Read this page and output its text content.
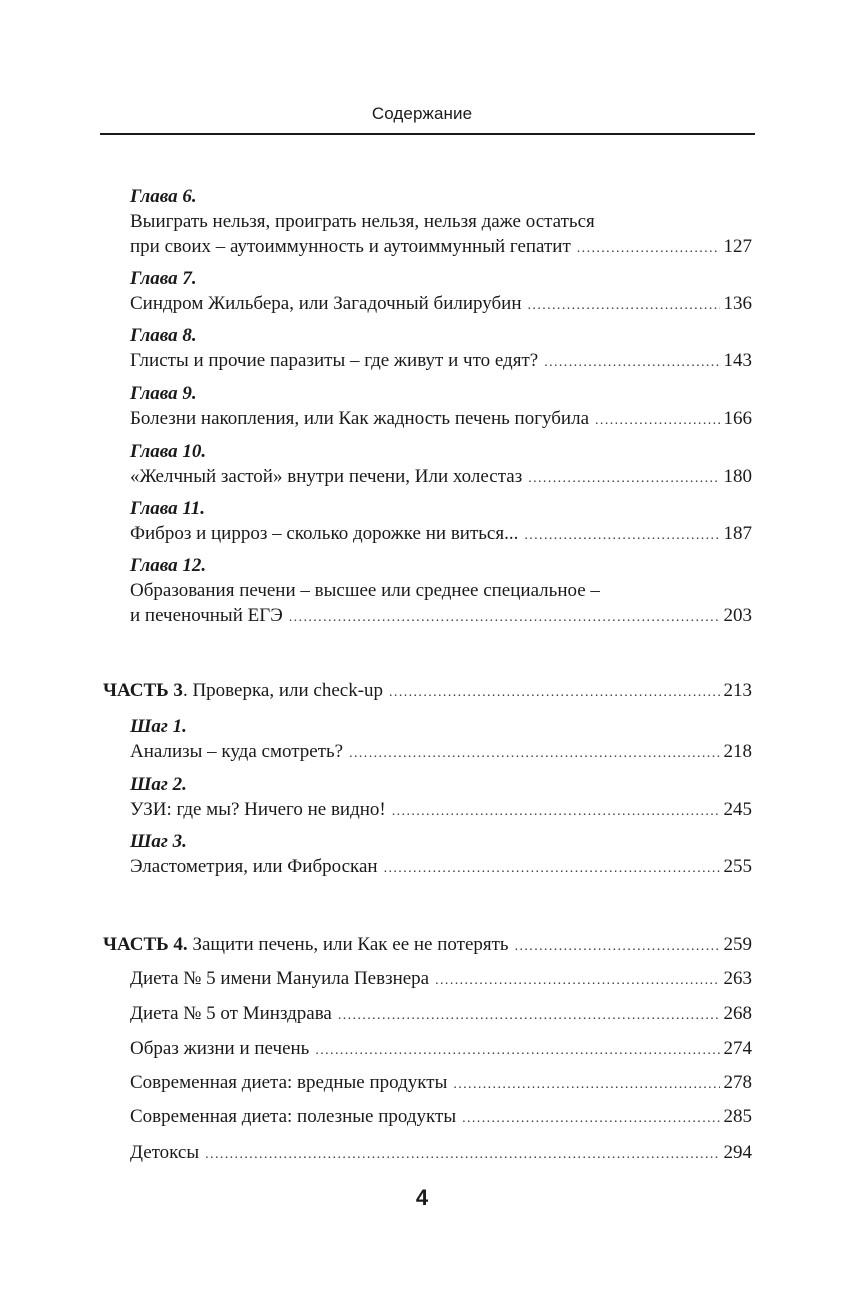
Содержание
Глава 6.
Выиграть нельзя, проиграть нельзя, нельзя даже остаться
при своих – аутоиммунность и аутоиммунный гепатит .....	127
Глава 7.
Синдром Жильбера, или Загадочный билирубин .....	136
Глава 8.
Глисты и прочие паразиты – где живут и что едят? .....	143
Глава 9.
Болезни накопления, или Как жадность печень погубила .....	166
Глава 10.
«Желчный застой» внутри печени, Или холестаз .....	180
Глава 11.
Фиброз и цирроз – сколько дорожке ни виться... .....	187
Глава 12.
Образования печени – высшее или среднее специальное –
и печеночный ЕГЭ .....	203
ЧАСТЬ 3. Проверка, или check-up .....	213
Шаг 1.
Анализы – куда смотреть? .....	218
Шаг 2.
УЗИ: где мы? Ничего не видно! .....	245
Шаг 3.
Эластометрия, или Фиброскан .....	255
ЧАСТЬ 4. Защити печень, или Как ее не потерять .....	259
Диета № 5 имени Мануила Певзнера .....	263
Диета № 5 от Минздрава .....	268
Образ жизни и печень .....	274
Современная диета: вредные продукты .....	278
Современная диета: полезные продукты .....	285
Детоксы .....	294
4
